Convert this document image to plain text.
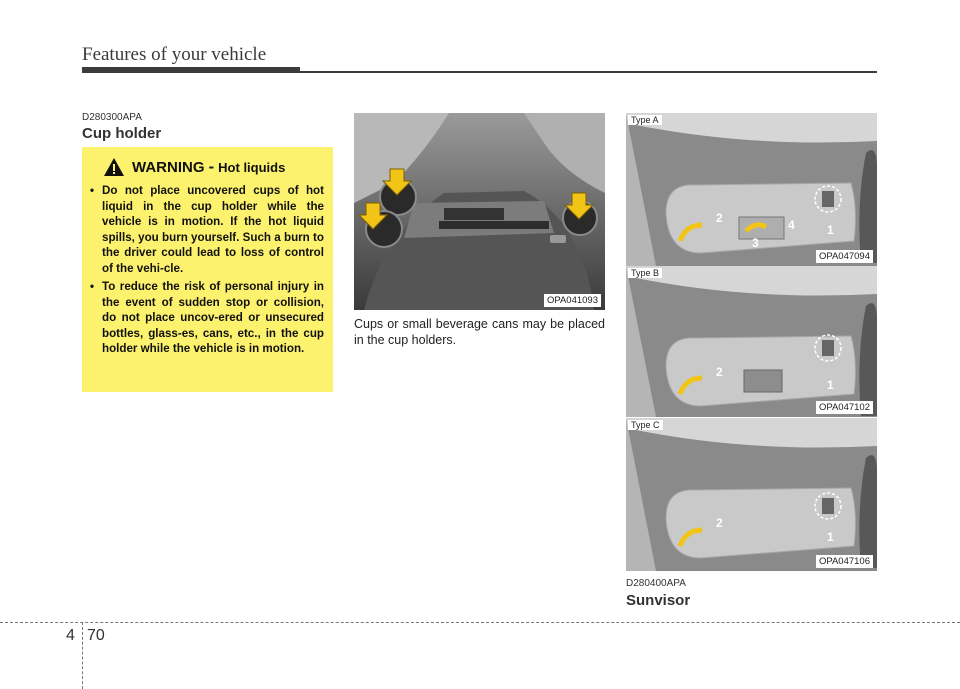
Features of your vehicle
D280300APA
Cup holder
WARNING - Hot liquids
• Do not place uncovered cups of hot liquid in the cup holder while the vehicle is in motion. If the hot liquid spills, you burn yourself. Such a burn to the driver could lead to loss of control of the vehi-cle.
• To reduce the risk of personal injury in the event of sudden stop or collision, do not place uncov-ered or unsecured bottles, glass-es, cans, etc., in the cup holder while the vehicle is in motion.
OPA041093
Cups or small beverage cans may be placed in the cup holders.
Type A
1
2
3
4
OPA047094
Type B
1
2
OPA047102
Type C
1
2
OPA047106
D280400APA
Sunvisor
4 70
